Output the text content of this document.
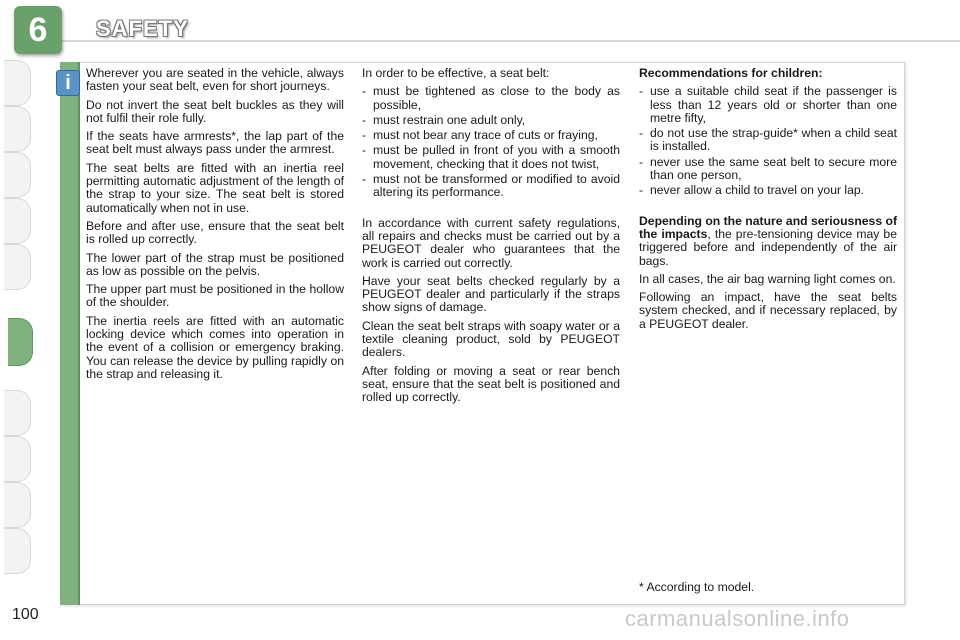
6	SAFETY
i	Wherever you are seated in the vehicle, always fasten your seat belt, even for short journeys.

Do not invert the seat belt buckles as they will not fulfil their role fully.

If the seats have armrests*, the lap part of the seat belt must always pass under the armrest.

The seat belts are fitted with an inertia reel permitting automatic adjustment of the length of the strap to your size. The seat belt is stored automatically when not in use.

Before and after use, ensure that the seat belt is rolled up correctly.

The lower part of the strap must be positioned as low as possible on the pelvis.

The upper part must be positioned in the hollow of the shoulder.

The inertia reels are fitted with an automatic locking device which comes into operation in the event of a collision or emergency braking. You can release the device by pulling rapidly on the strap and releasing it.

In order to be effective, a seat belt:

- must be tightened as close to the body as possible,
- must restrain one adult only,
- must not bear any trace of cuts or fraying,
- must be pulled in front of you with a smooth movement, checking that it does not twist,
- must not be transformed or modified to avoid altering its performance.

In accordance with current safety regulations, all repairs and checks must be carried out by a PEUGEOT dealer who guarantees that the work is carried out correctly.

Have your seat belts checked regularly by a PEUGEOT dealer and particularly if the straps show signs of damage.

Clean the seat belt straps with soapy water or a textile cleaning product, sold by PEUGEOT dealers.

After folding or moving a seat or rear bench seat, ensure that the seat belt is positioned and rolled up correctly.

Recommendations for children:

- use a suitable child seat if the passenger is less than 12 years old or shorter than one metre fifty,
- do not use the strap-guide* when a child seat is installed.
- never use the same seat belt to secure more than one person,
- never allow a child to travel on your lap.

Depending on the nature and seriousness of the impacts, the pre-tensioning device may be triggered before and independently of the air bags.

In all cases, the air bag warning light comes on.

Following an impact, have the seat belts system checked, and if necessary replaced, by a PEUGEOT dealer.

* According to model.
100	carmanualsonline.info
